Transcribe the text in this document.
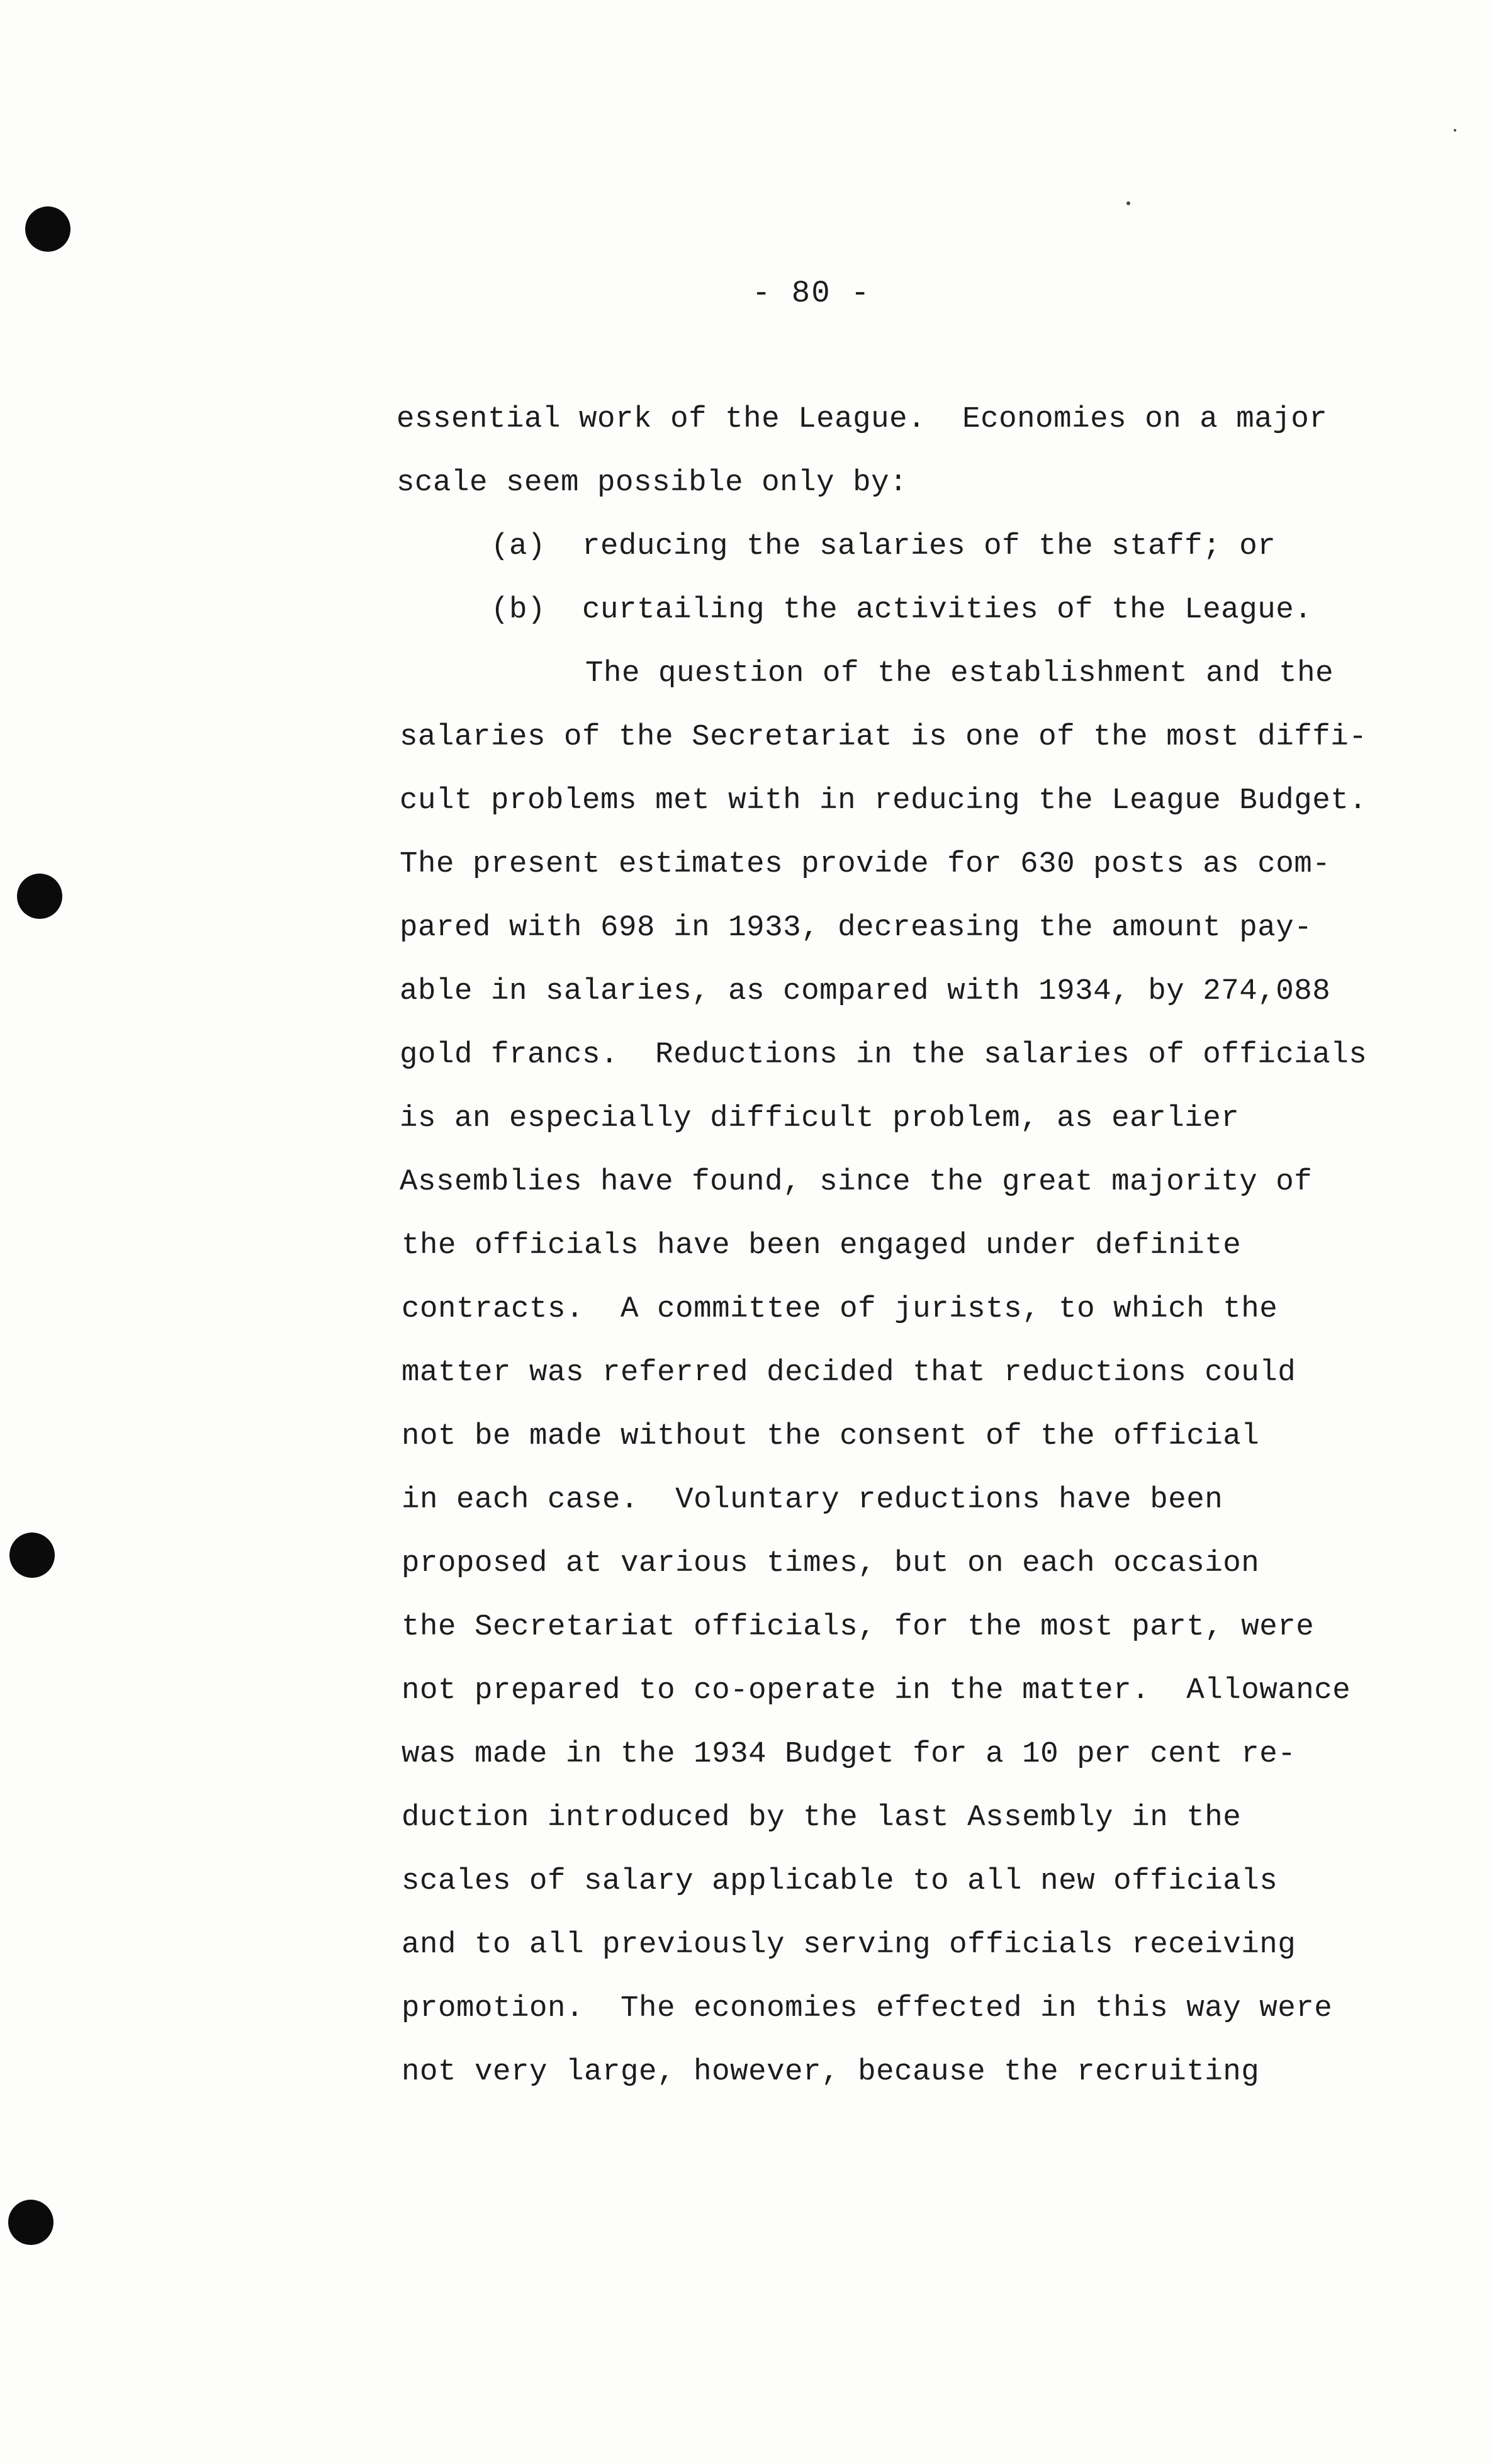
- 80 -
essential work of the League.  Economies on a major
scale seem possible only by:
(a)  reducing the salaries of the staff; or
(b)  curtailing the activities of the League.
The question of the establishment and the
salaries of the Secretariat is one of the most diffi-
cult problems met with in reducing the League Budget.
The present estimates provide for 630 posts as com-
pared with 698 in 1933, decreasing the amount pay-
able in salaries, as compared with 1934, by 274,088
gold francs.  Reductions in the salaries of officials
is an especially difficult problem, as earlier
Assemblies have found, since the great majority of
the officials have been engaged under definite
contracts.  A committee of jurists, to which the
matter was referred decided that reductions could
not be made without the consent of the official
in each case.  Voluntary reductions have been
proposed at various times, but on each occasion
the Secretariat officials, for the most part, were
not prepared to co-operate in the matter.  Allowance
was made in the 1934 Budget for a 10 per cent re-
duction introduced by the last Assembly in the
scales of salary applicable to all new officials
and to all previously serving officials receiving
promotion.  The economies effected in this way were
not very large, however, because the recruiting
